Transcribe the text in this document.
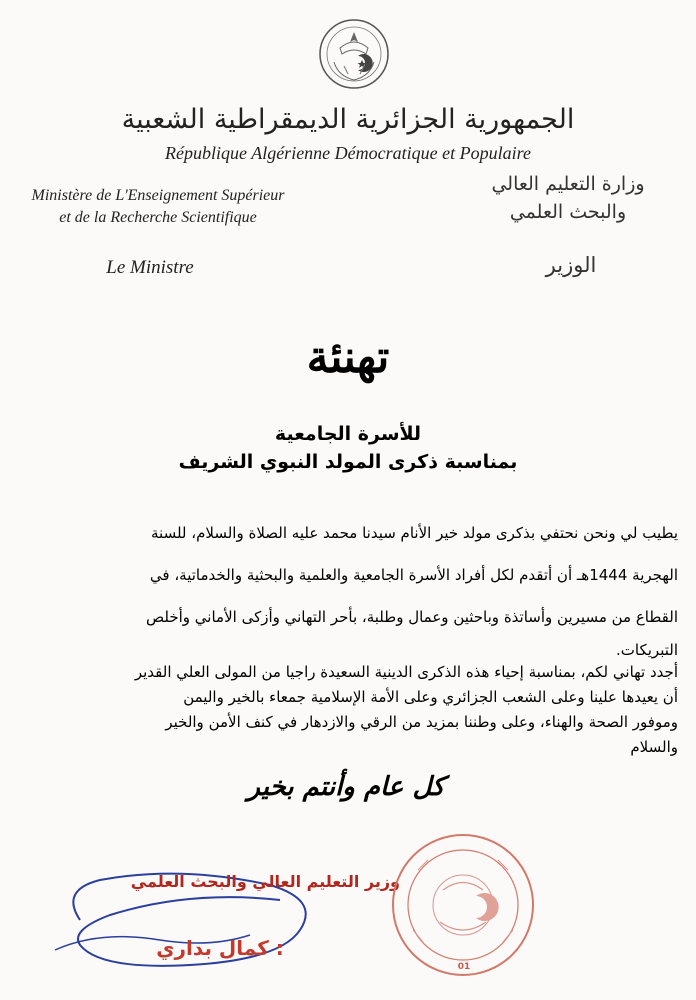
الجمهورية الجزائرية الديمقراطية الشعبية
République Algérienne Démocratique et Populaire
Ministère de L'Enseignement Supérieur
et de la Recherche Scientifique
Le Ministre
وزارة التعليم العالي
والبحث العلمي
الوزير
تهنئة
للأسرة الجامعية
بمناسبة ذكرى المولد النبوي الشريف
يطيب لي ونحن نحتفي بذكرى مولد خير الأنام سيدنا محمد عليه الصلاة والسلام، للسنة
الهجرية 1444هـ أن أتقدم لكل أفراد الأسرة الجامعية والعلمية والبحثية والخدماتية، في
القطاع من مسيرين وأساتذة وباحثين وعمال وطلبة، بأحر التهاني وأزكى الأماني وأخلص
التبريكات.
أجدد تهاني لكم، بمناسبة إحياء هذه الذكرى الدينية السعيدة راجيا من المولى العلي القدير
أن يعيدها علينا وعلى الشعب الجزائري وعلى الأمة الإسلامية جمعاء بالخير واليمن
وموفور الصحة والهناء، وعلى وطننا بمزيد من الرقي والازدهار في كنف الأمن والخير
والسلام
كل عام وأنتم بخير
وزير التعليم العالي والبحث العلمي
: كمال بداري
01
